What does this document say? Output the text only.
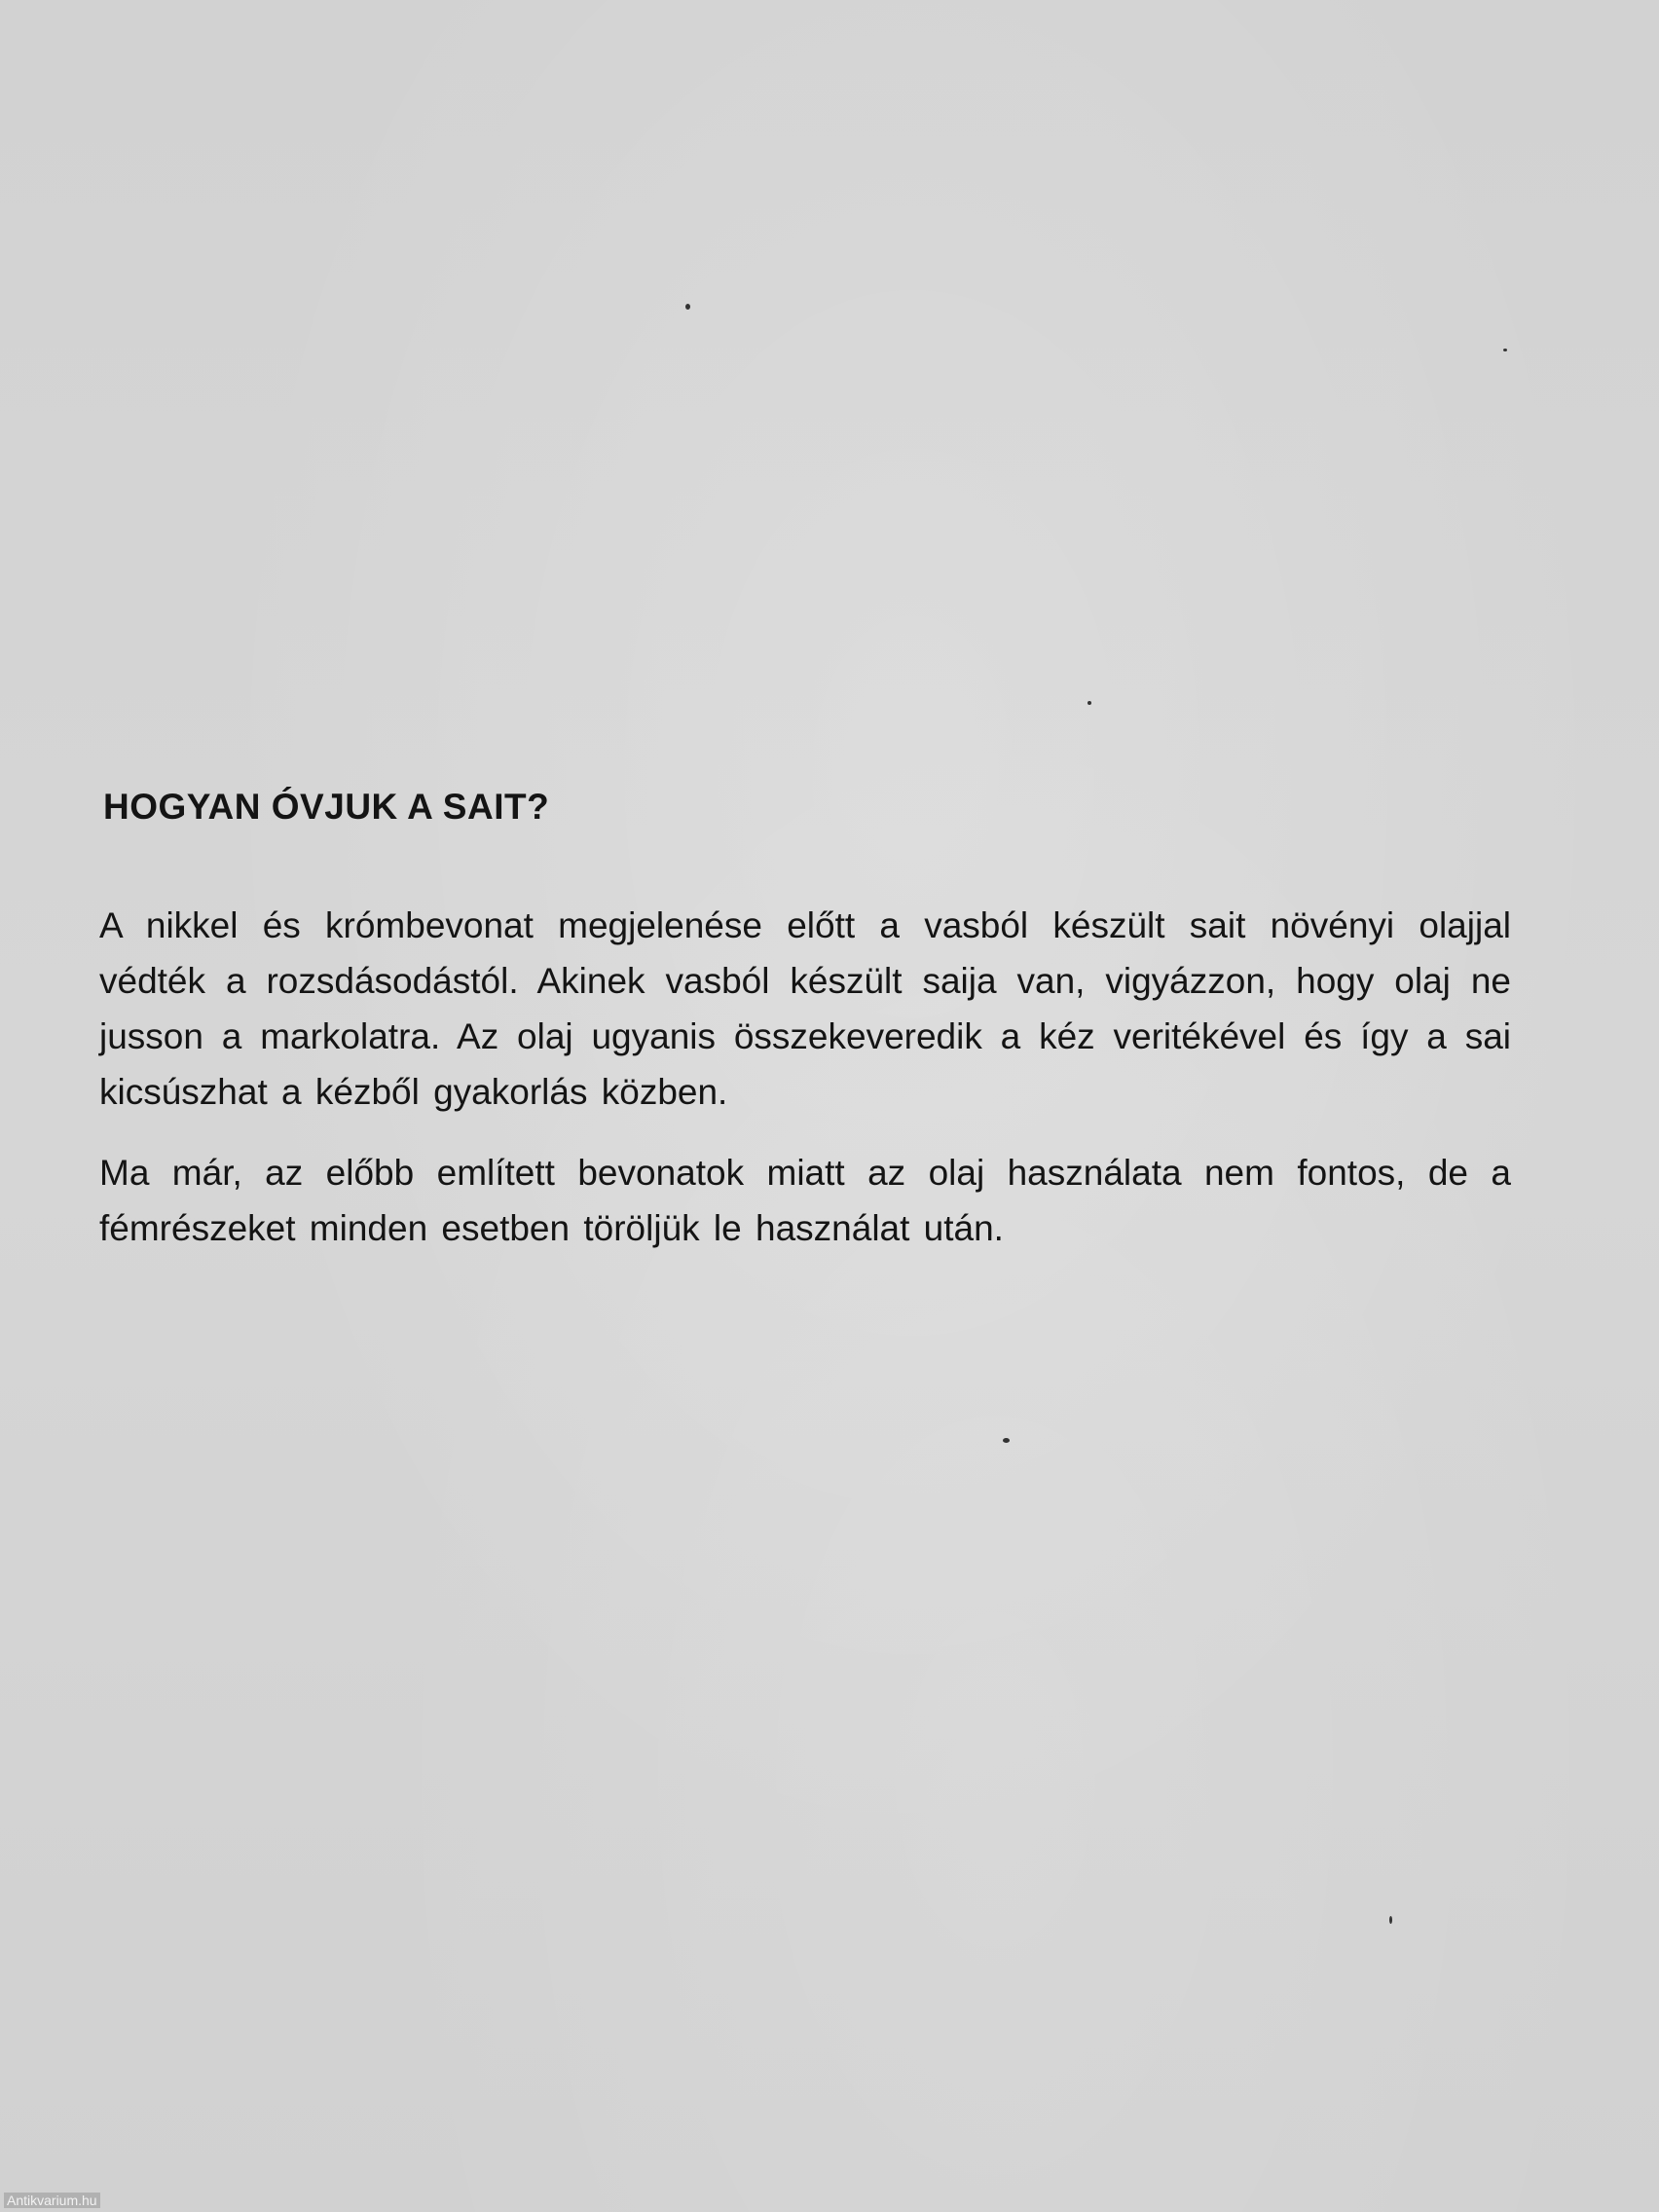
HOGYAN ÓVJUK A SAIT?

A nikkel és krómbevonat megjelenése előtt a vasból készült sait növényi olajjal védték a rozsdásodástól. Akinek vasból készült saija van, vigyázzon, hogy olaj ne jusson a markolatra. Az olaj ugyanis összekeveredik a kéz veritékével és így a sai kicsúszhat a kézből gyakorlás közben.

Ma már, az előbb említett bevonatok miatt az olaj használata nem fontos, de a fémrészeket minden esetben töröljük le használat után.

Antikvarium.hu
